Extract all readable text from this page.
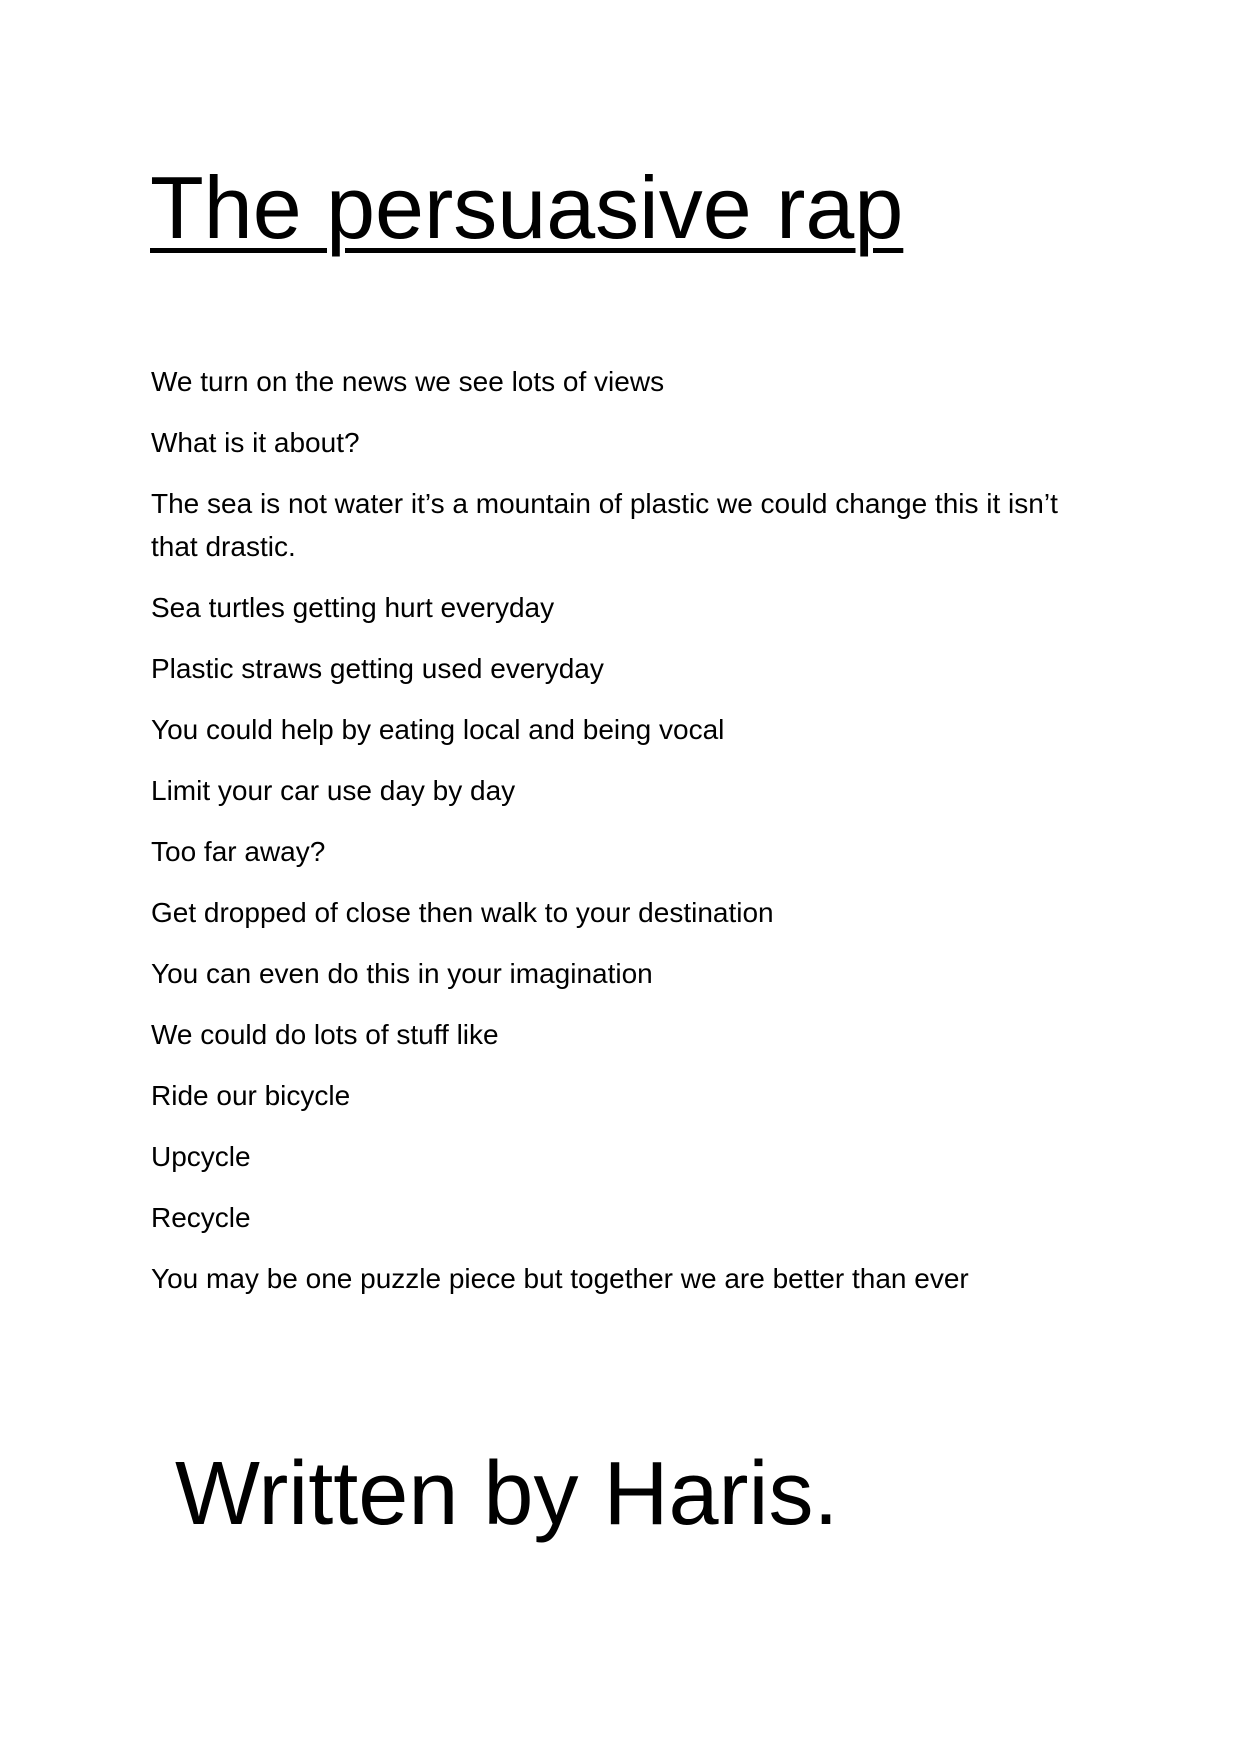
The persuasive rap
We turn on the news we see lots of views
What is it about?
The sea is not water it’s a mountain of plastic we could change this it isn’t that drastic.
Sea turtles getting hurt everyday
Plastic straws getting used everyday
You could help by eating local and being vocal
Limit your car use day by day
Too far away?
Get dropped of close then walk to your destination
You can even do this in your imagination
We could do lots of stuff like
Ride our bicycle
Upcycle
Recycle
You may be one puzzle piece but together we are better than ever

Written by Haris.
